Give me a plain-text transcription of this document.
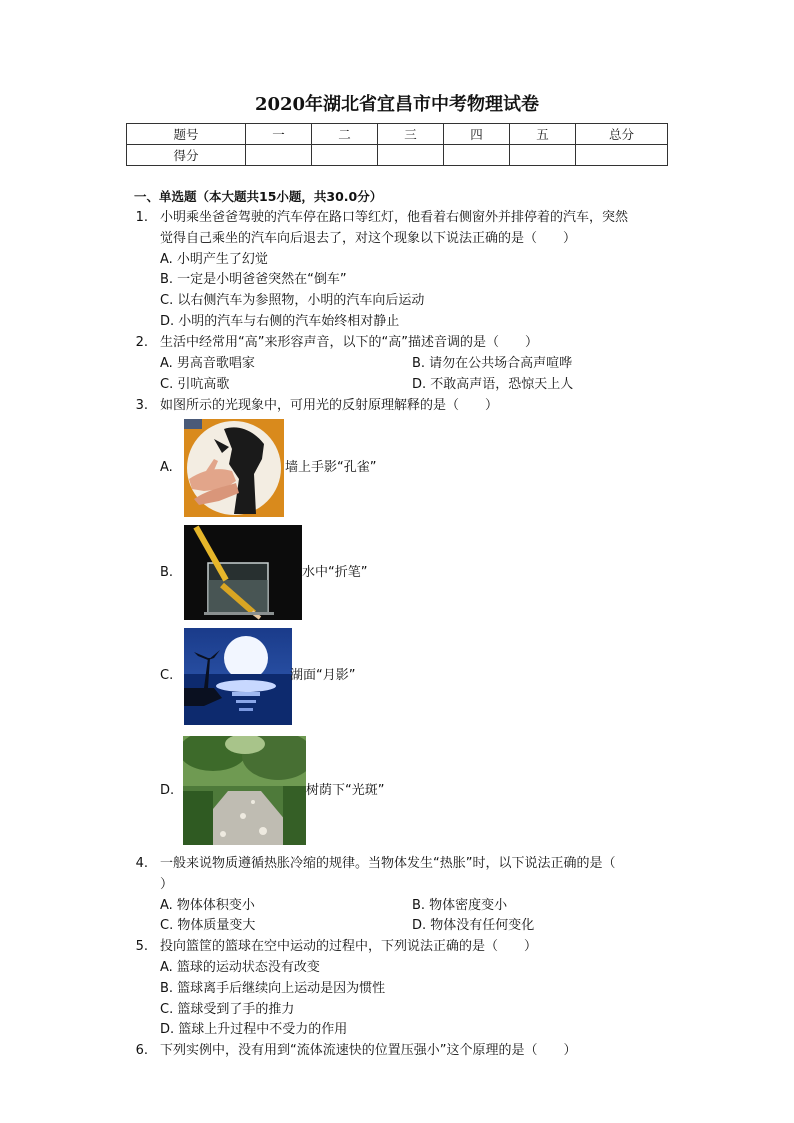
2020年湖北省宜昌市中考物理试卷
题号	一	二	三	四	五	总分
得分						
一、单选题（本大题共15小题，共30.0分）
1. 小明乘坐爸爸驾驶的汽车停在路口等红灯，他看着右侧窗外并排停着的汽车，突然
觉得自己乘坐的汽车向后退去了，对这个现象以下说法正确的是（　　）
A. 小明产生了幻觉
B. 一定是小明爸爸突然在“倒车”
C. 以右侧汽车为参照物，小明的汽车向后运动
D. 小明的汽车与右侧的汽车始终相对静止
2. 生活中经常用“高”来形容声音，以下的“高”描述音调的是（　　）
A. 男高音歌唱家	B. 请勿在公共场合高声喧哗
C. 引吭高歌	D. 不敢高声语，恐惊天上人
3. 如图所示的光现象中，可用光的反射原理解释的是（　　）
A.	墙上手影“孔雀”
B.	水中“折笔”
C.	湖面“月影”
D.	树荫下“光斑”
4. 一般来说物质遵循热胀冷缩的规律。当物体发生“热胀”时，以下说法正确的是（
）
A. 物体体积变小	B. 物体密度变小
C. 物体质量变大	D. 物体没有任何变化
5. 投向篮筐的篮球在空中运动的过程中，下列说法正确的是（　　）
A. 篮球的运动状态没有改变
B. 篮球离手后继续向上运动是因为惯性
C. 篮球受到了手的推力
D. 篮球上升过程中不受力的作用
6. 下列实例中，没有用到“流体流速快的位置压强小”这个原理的是（　　）
